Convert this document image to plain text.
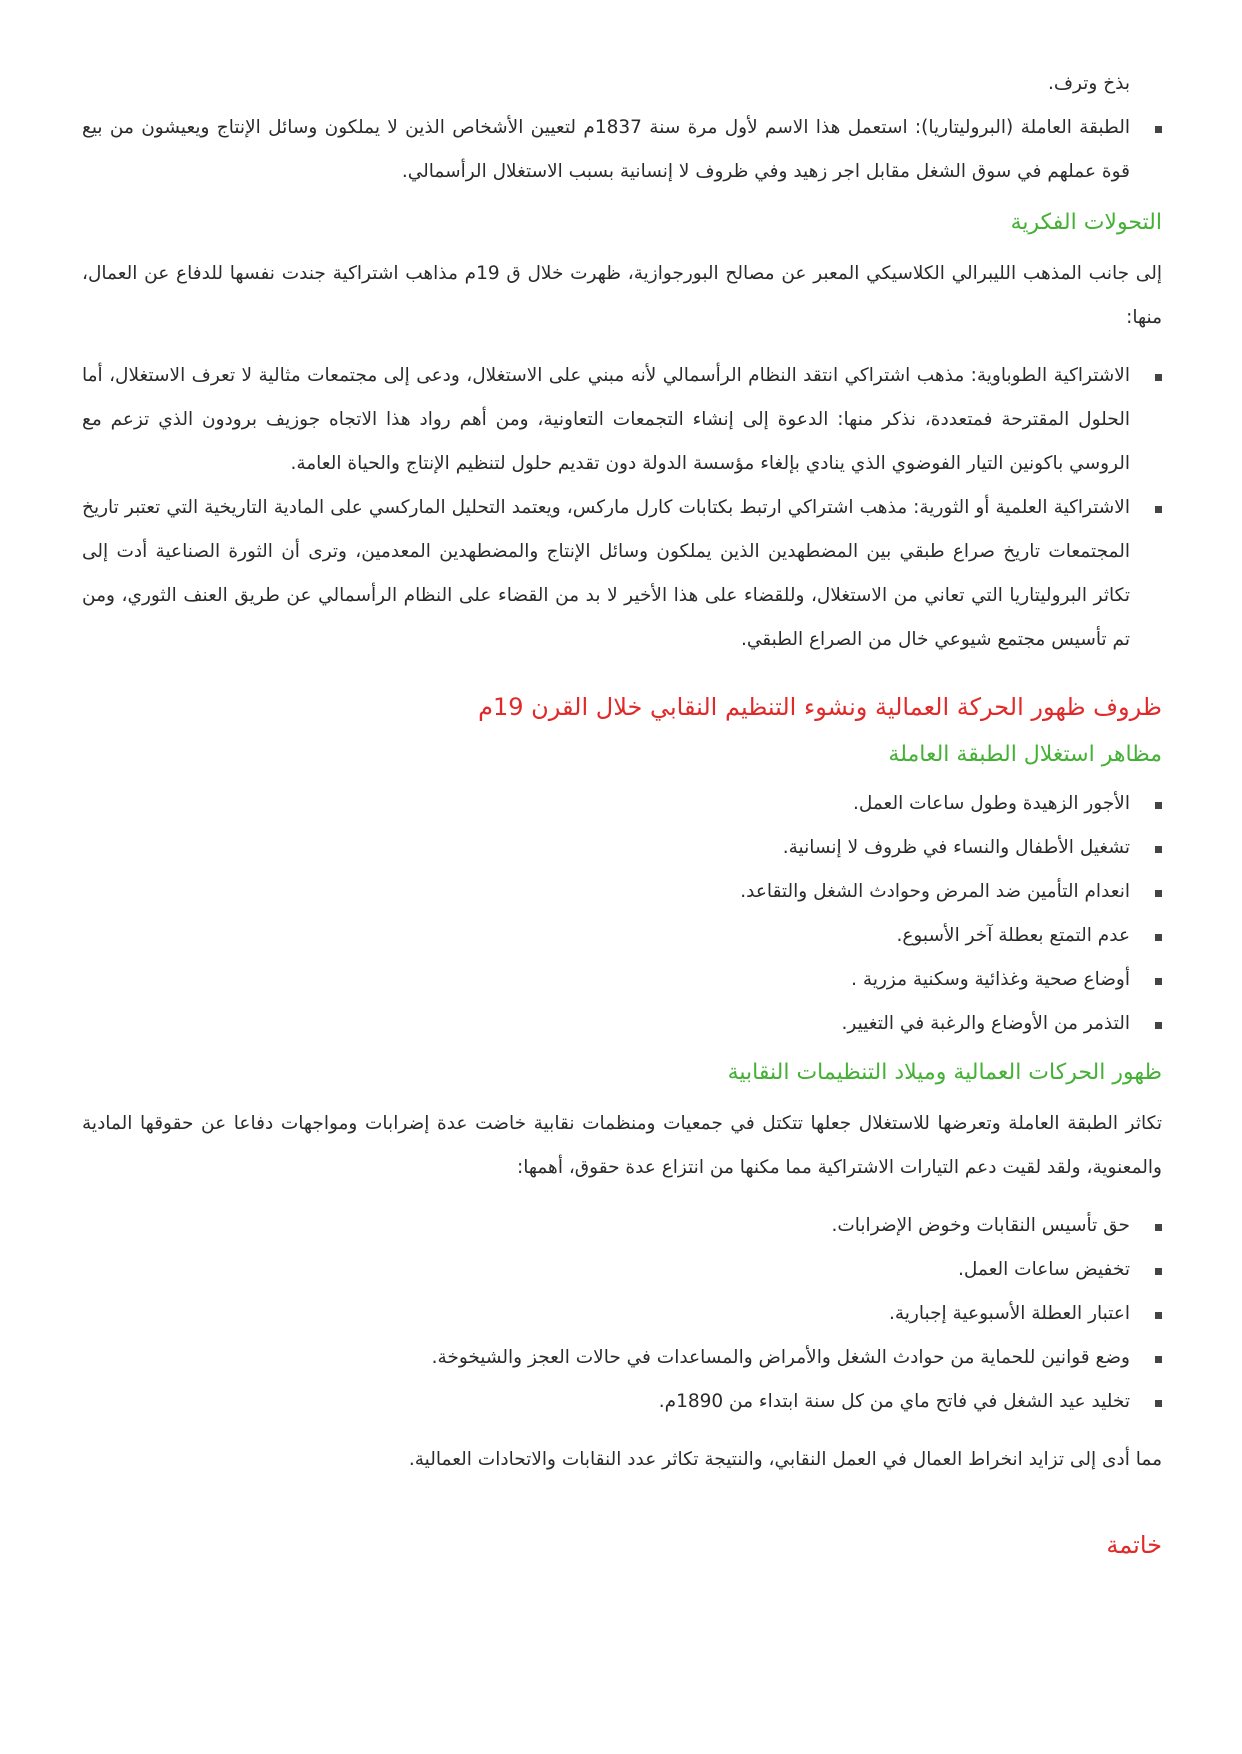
بذخ وترف.

الطبقة العاملة (البروليتاريا): استعمل هذا الاسم لأول مرة سنة 1837م لتعيين الأشخاص الذين لا يملكون وسائل الإنتاج ويعيشون من بيع قوة عملهم في سوق الشغل مقابل اجر زهيد وفي ظروف لا إنسانية بسبب الاستغلال الرأسمالي.
التحولات الفكرية

إلى جانب المذهب الليبرالي الكلاسيكي المعبر عن مصالح البورجوازية، ظهرت خلال ق 19م مذاهب اشتراكية جندت نفسها للدفاع عن العمال، منها:

الاشتراكية الطوباوية: مذهب اشتراكي انتقد النظام الرأسمالي لأنه مبني على الاستغلال، ودعى إلى مجتمعات مثالية لا تعرف الاستغلال، أما الحلول المقترحة فمتعددة، نذكر منها: الدعوة إلى إنشاء التجمعات التعاونية، ومن أهم رواد هذا الاتجاه جوزيف برودون الذي تزعم مع الروسي باكونين التيار الفوضوي الذي ينادي بإلغاء مؤسسة الدولة دون تقديم حلول لتنظيم الإنتاج والحياة العامة.
الاشتراكية العلمية أو الثورية: مذهب اشتراكي ارتبط بكتابات كارل ماركس، ويعتمد التحليل الماركسي على المادية التاريخية التي تعتبر تاريخ المجتمعات تاريخ صراع طبقي بين المضطهدين الذين يملكون وسائل الإنتاج والمضطهدين المعدمين، وترى أن الثورة الصناعية أدت إلى تكاثر البروليتاريا التي تعاني من الاستغلال، وللقضاء على هذا الأخير لا بد من القضاء على النظام الرأسمالي عن طريق العنف الثوري، ومن تم تأسيس مجتمع شيوعي خال من الصراع الطبقي.
ظروف ظهور الحركة العمالية ونشوء التنظيم النقابي خلال القرن 19م
مظاهر استغلال الطبقة العاملة
الأجور الزهيدة وطول ساعات العمل.
تشغيل الأطفال والنساء في ظروف لا إنسانية.
انعدام التأمين ضد المرض وحوادث الشغل والتقاعد.
عدم التمتع بعطلة آخر الأسبوع.
أوضاع صحية وغذائية وسكنية مزرية .
التذمر من الأوضاع والرغبة في التغيير.
ظهور الحركات العمالية وميلاد التنظيمات النقابية

تكاثر الطبقة العاملة وتعرضها للاستغلال جعلها تتكتل في جمعيات ومنظمات نقابية خاضت عدة إضرابات ومواجهات دفاعا عن حقوقها المادية والمعنوية، ولقد لقيت دعم التيارات الاشتراكية مما مكنها من انتزاع عدة حقوق، أهمها:

حق تأسيس النقابات وخوض الإضرابات.
تخفيض ساعات العمل.
اعتبار العطلة الأسبوعية إجبارية.
وضع قوانين للحماية من حوادث الشغل والأمراض والمساعدات في حالات العجز والشيخوخة.
تخليد عيد الشغل في فاتح ماي من كل سنة ابتداء من 1890م.

مما أدى إلى تزايد انخراط العمال في العمل النقابي، والنتيجة تكاثر عدد النقابات والاتحادات العمالية.

خاتمة
